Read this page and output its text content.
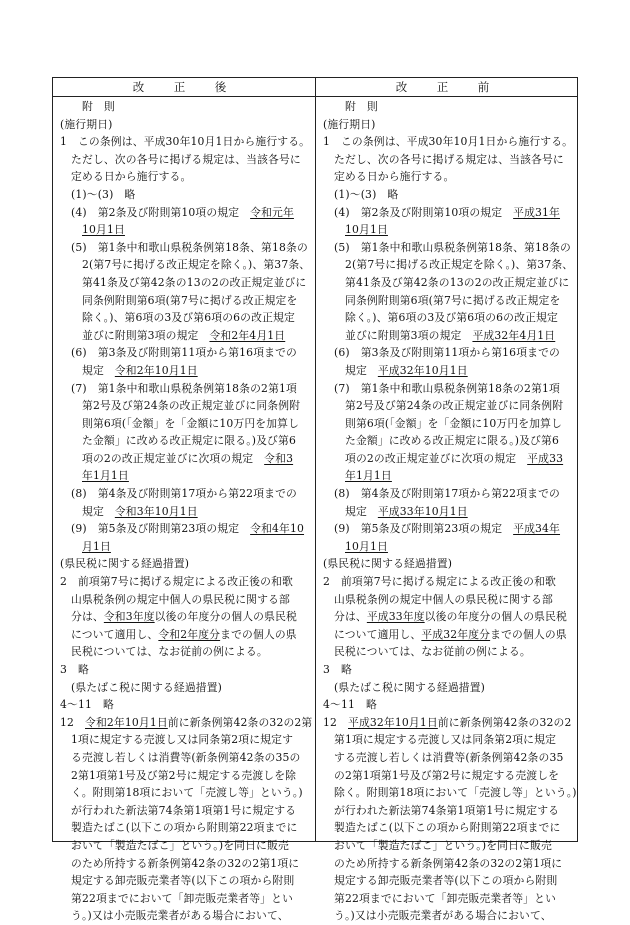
改　正　後	改　正　前
附　則
(施行期日)
1　この条例は、平成30年10月1日から施行する。
ただし、次の各号に掲げる規定は、当該各号に
定める日から施行する。
(1)～(3)　略
(4)　第2条及び附則第10項の規定　令和元年
10月1日
(5)　第1条中和歌山県税条例第18条、第18条の
2(第7号に掲げる改正規定を除く。)、第37条、
第41条及び第42条の13の2の改正規定並びに
同条例附則第6項(第7号に掲げる改正規定を
除く。)、第6項の3及び第6項の6の改正規定
並びに附則第3項の規定　令和2年4月1日
(6)　第3条及び附則第11項から第16項までの
規定　令和2年10月1日
(7)　第1条中和歌山県税条例第18条の2第1項
第2号及び第24条の改正規定並びに同条例附
則第6項(「金額」を「金額に10万円を加算し
た金額」に改める改正規定に限る。)及び第6
項の2の改正規定並びに次項の規定　令和3
年1月1日
(8)　第4条及び附則第17項から第22項までの
規定　令和3年10月1日
(9)　第5条及び附則第23項の規定　令和4年10
月1日
(県民税に関する経過措置)
2　前項第7号に掲げる規定による改正後の和歌
山県税条例の規定中個人の県民税に関する部
分は、令和3年度以後の年度分の個人の県民税
について適用し、令和2年度分までの個人の県
民税については、なお従前の例による。
3　略
(県たばこ税に関する経過措置)
4～11　略
12　令和2年10月1日前に新条例第42条の32の2第
1項に規定する売渡し又は同条第2項に規定す
る売渡し若しくは消費等(新条例第42条の35の
2第1項第1号及び第2号に規定する売渡しを除
く。附則第18項において「売渡し等」という。)
が行われた新法第74条第1項第1号に規定する
製造たばこ(以下この項から附則第22項までに
おいて「製造たばこ」という。)を同日に販売
のため所持する新条例第42条の32の2第1項に
規定する卸売販売業者等(以下この項から附則
第22項までにおいて「卸売販売業者等」とい
う。)又は小売販売業者がある場合において、
附　則
(施行期日)
1　この条例は、平成30年10月1日から施行する。
ただし、次の各号に掲げる規定は、当該各号に
定める日から施行する。
(1)～(3)　略
(4)　第2条及び附則第10項の規定　平成31年
10月1日
(5)　第1条中和歌山県税条例第18条、第18条の
2(第7号に掲げる改正規定を除く。)、第37条、
第41条及び第42条の13の2の改正規定並びに
同条例附則第6項(第7号に掲げる改正規定を
除く。)、第6項の3及び第6項の6の改正規定
並びに附則第3項の規定　平成32年4月1日
(6)　第3条及び附則第11項から第16項までの
規定　平成32年10月1日
(7)　第1条中和歌山県税条例第18条の2第1項
第2号及び第24条の改正規定並びに同条例附
則第6項(「金額」を「金額に10万円を加算し
た金額」に改める改正規定に限る。)及び第6
項の2の改正規定並びに次項の規定　平成33
年1月1日
(8)　第4条及び附則第17項から第22項までの
規定　平成33年10月1日
(9)　第5条及び附則第23項の規定　平成34年
10月1日
(県民税に関する経過措置)
2　前項第7号に掲げる規定による改正後の和歌
山県税条例の規定中個人の県民税に関する部
分は、平成33年度以後の年度分の個人の県民税
について適用し、平成32年度分までの個人の県
民税については、なお従前の例による。
3　略
(県たばこ税に関する経過措置)
4～11　略
12　平成32年10月1日前に新条例第42条の32の2
第1項に規定する売渡し又は同条第2項に規定
する売渡し若しくは消費等(新条例第42条の35
の2第1項第1号及び第2号に規定する売渡しを
除く。附則第18項において「売渡し等」という。)
が行われた新法第74条第1項第1号に規定する
製造たばこ(以下この項から附則第22項までに
おいて「製造たばこ」という。)を同日に販売
のため所持する新条例第42条の32の2第1項に
規定する卸売販売業者等(以下この項から附則
第22項までにおいて「卸売販売業者等」とい
う。)又は小売販売業者がある場合において、
